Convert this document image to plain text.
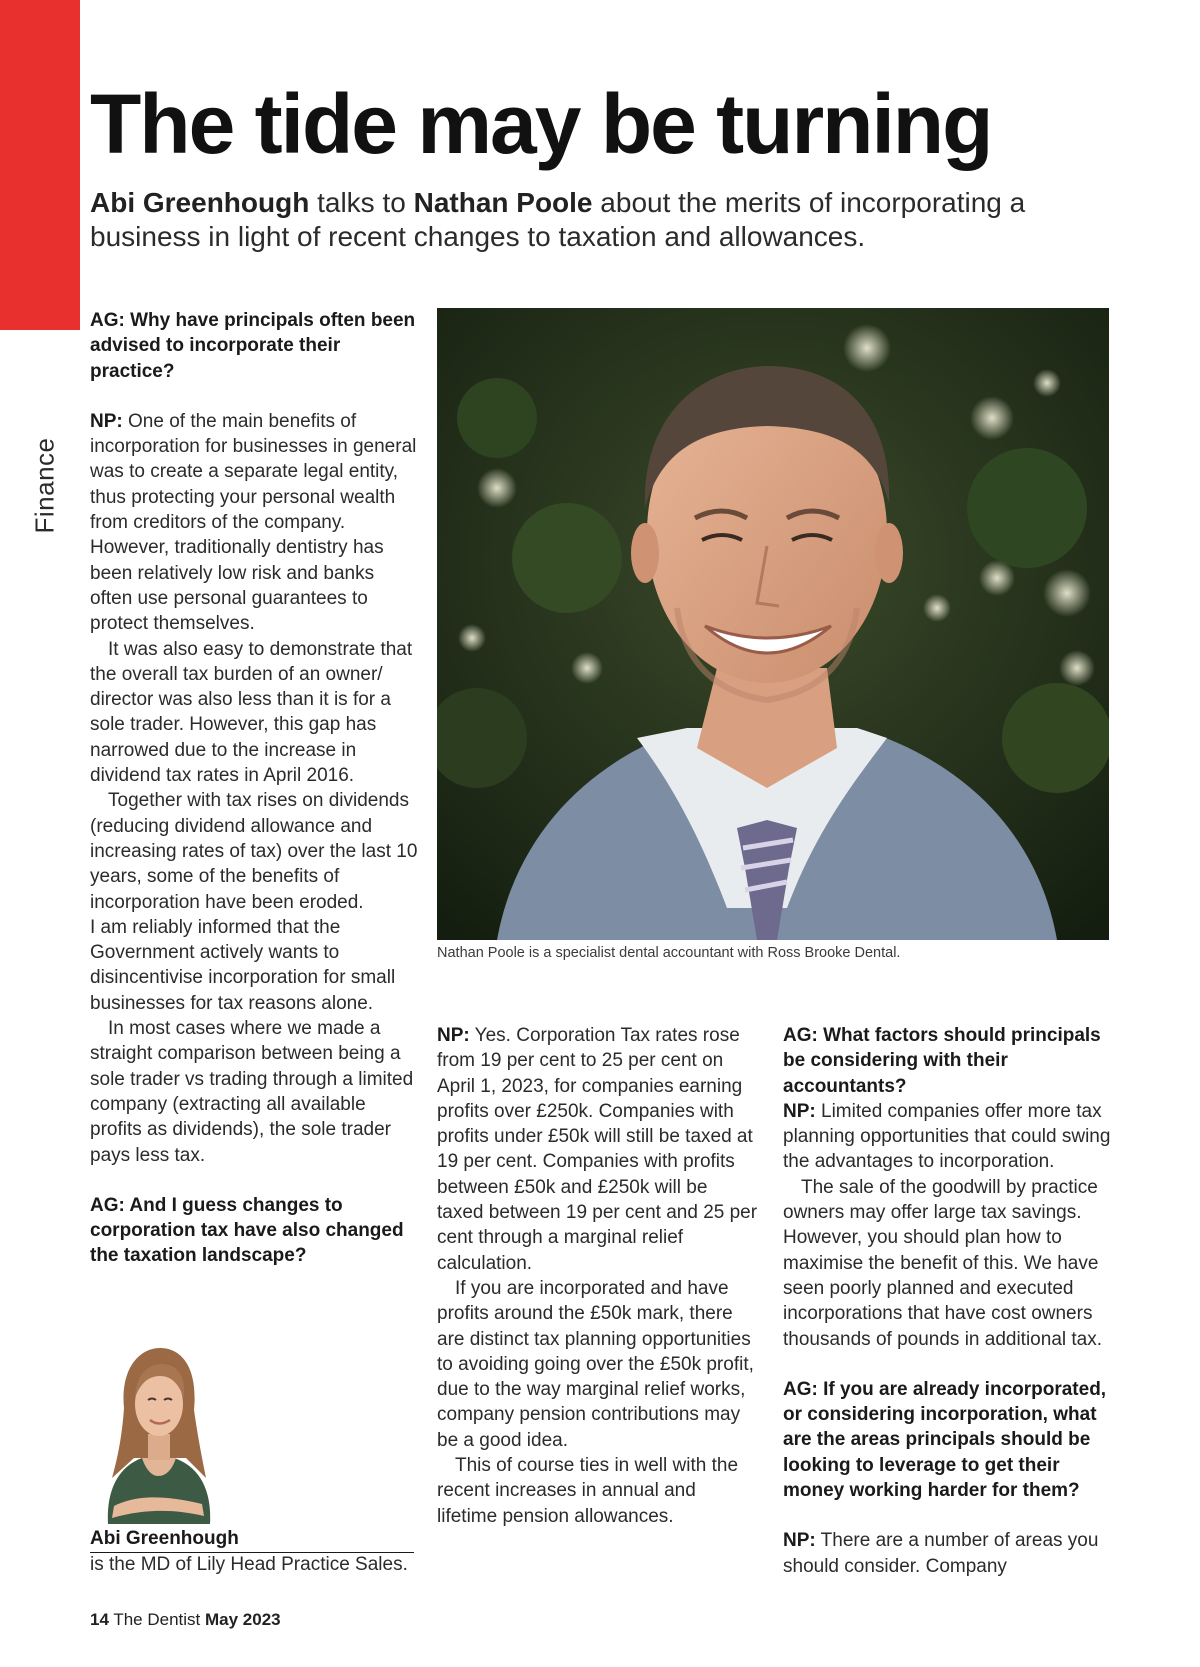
Finance
The tide may be turning

Abi Greenhough talks to Nathan Poole about the merits of incorporating a business in light of recent changes to taxation and allowances.

AG: Why have principals often been advised to incorporate their practice?

NP: One of the main benefits of incorporation for businesses in general was to create a separate legal entity, thus protecting your personal wealth from creditors of the company. However, traditionally dentistry has been relatively low risk and banks often use personal guarantees to protect themselves.

It was also easy to demonstrate that the overall tax burden of an owner/ director was also less than it is for a sole trader. However, this gap has narrowed due to the increase in dividend tax rates in April 2016.

Together with tax rises on dividends (reducing dividend allowance and increasing rates of tax) over the last 10 years, some of the benefits of incorporation have been eroded.

I am reliably informed that the Government actively wants to disincentivise incorporation for small businesses for tax reasons alone.

In most cases where we made a straight comparison between being a sole trader vs trading through a limited company (extracting all available profits as dividends), the sole trader pays less tax.

AG: And I guess changes to corporation tax have also changed the taxation landscape?

Nathan Poole is a specialist dental accountant with Ross Brooke Dental.

NP: Yes. Corporation Tax rates rose from 19 per cent to 25 per cent on April 1, 2023, for companies earning profits over £250k. Companies with profits under £50k will still be taxed at 19 per cent. Companies with profits between £50k and £250k will be taxed between 19 per cent and 25 per cent through a marginal relief calculation.

If you are incorporated and have profits around the £50k mark, there are distinct tax planning opportunities to avoiding going over the £50k profit, due to the way marginal relief works, company pension contributions may be a good idea.

This of course ties in well with the recent increases in annual and lifetime pension allowances.

AG: What factors should principals be considering with their accountants?

NP: Limited companies offer more tax planning opportunities that could swing the advantages to incorporation.

The sale of the goodwill by practice owners may offer large tax savings. However, you should plan how to maximise the benefit of this. We have seen poorly planned and executed incorporations that have cost owners thousands of pounds in additional tax.

AG: If you are already incorporated, or considering incorporation, what are the areas principals should be looking to leverage to get their money working harder for them?

NP: There are a number of areas you should consider. Company

Abi Greenhough

is the MD of Lily Head Practice Sales.

14 The Dentist May 2023
